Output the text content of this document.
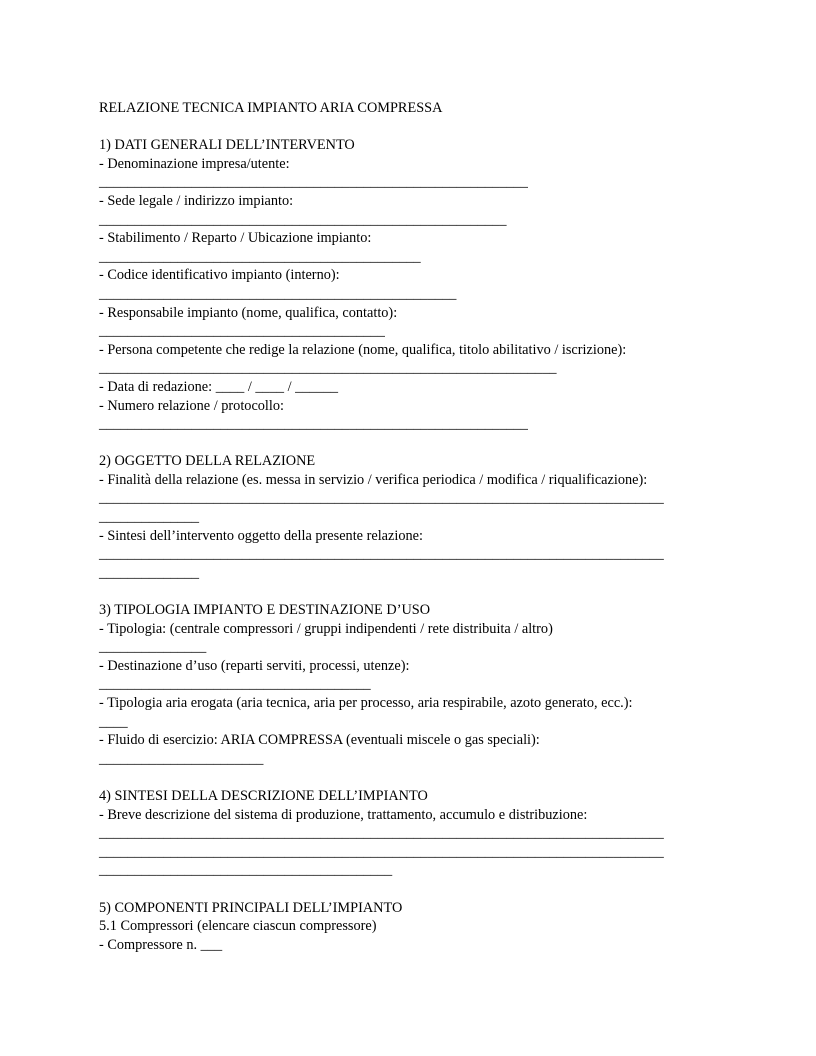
RELAZIONE TECNICA IMPIANTO ARIA COMPRESSA
1) DATI GENERALI DELL’INTERVENTO
- Denominazione impresa/utente:
____________________________________________________________
- Sede legale / indirizzo impianto:
_________________________________________________________
- Stabilimento / Reparto / Ubicazione impianto:
_____________________________________________
- Codice identificativo impianto (interno):
__________________________________________________
- Responsabile impianto (nome, qualifica, contatto):
________________________________________
- Persona competente che redige la relazione (nome, qualifica, titolo abilitativo / iscrizione):
________________________________________________________________
- Data di redazione: ____ / ____ / ______
- Numero relazione / protocollo:
____________________________________________________________
2) OGGETTO DELLA RELAZIONE
- Finalità della relazione (es. messa in servizio / verifica periodica / modifica / riqualificazione):
_______________________________________________________________________________
______________
- Sintesi dell’intervento oggetto della presente relazione:
_______________________________________________________________________________
______________
3) TIPOLOGIA IMPIANTO E DESTINAZIONE D’USO
- Tipologia: (centrale compressori / gruppi indipendenti / rete distribuita / altro)
_______________
- Destinazione d’uso (reparti serviti, processi, utenze):
______________________________________
- Tipologia aria erogata (aria tecnica, aria per processo, aria respirabile, azoto generato, ecc.):
____
- Fluido di esercizio: ARIA COMPRESSA (eventuali miscele o gas speciali):
_______________________
4) SINTESI DELLA DESCRIZIONE DELL’IMPIANTO
- Breve descrizione del sistema di produzione, trattamento, accumulo e distribuzione:
_______________________________________________________________________________
_______________________________________________________________________________
_________________________________________
5) COMPONENTI PRINCIPALI DELL’IMPIANTO
5.1 Compressori (elencare ciascun compressore)
- Compressore n. ___
